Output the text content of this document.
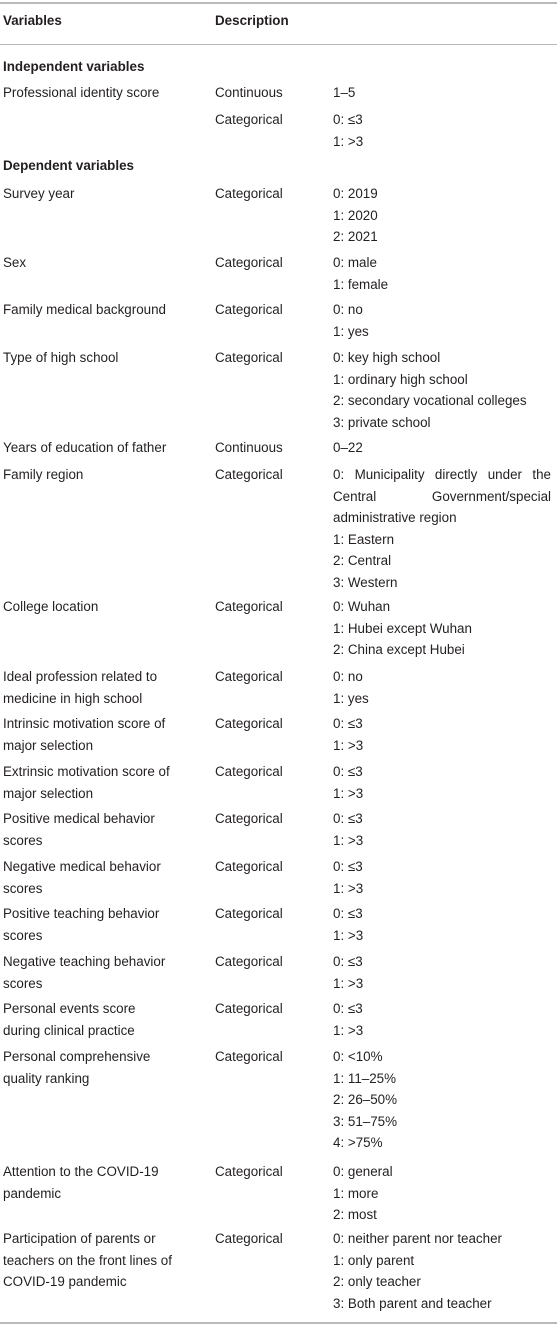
Variables	Description
Independent variables
Professional identity score	Continuous	1–5
Categorical	0: ≤3
1: >3
Dependent variables
Survey year	Categorical	0: 2019
1: 2020
2: 2021
Sex	Categorical	0: male
1: female
Family medical background	Categorical	0: no
1: yes
Type of high school	Categorical	0: key high school
1: ordinary high school
2: secondary vocational colleges
3: private school
Years of education of father	Continuous	0–22
Family region	Categorical	0: Municipality directly under the Central Government/special administrative region
1: Eastern
2: Central
3: Western
College location	Categorical	0: Wuhan
1: Hubei except Wuhan
2: China except Hubei
Ideal profession related to
medicine in high school
Categorical	0: no
1: yes
Intrinsic motivation score of
major selection
Categorical	0: ≤3
1: >3
Extrinsic motivation score of
major selection
Categorical	0: ≤3
1: >3
Positive medical behavior
scores
Categorical	0: ≤3
1: >3
Negative medical behavior
scores
Categorical	0: ≤3
1: >3
Positive teaching behavior
scores
Categorical	0: ≤3
1: >3
Negative teaching behavior
scores
Categorical	0: ≤3
1: >3
Personal events score
during clinical practice
Categorical	0: ≤3
1: >3
Personal comprehensive
quality ranking
Categorical	0: <10%
1: 11–25%
2: 26–50%
3: 51–75%
4: >75%
Attention to the COVID-19
pandemic
Categorical	0: general
1: more
2: most
Participation of parents or
teachers on the front lines of
COVID-19 pandemic
Categorical	0: neither parent nor teacher
1: only parent
2: only teacher
3: Both parent and teacher
